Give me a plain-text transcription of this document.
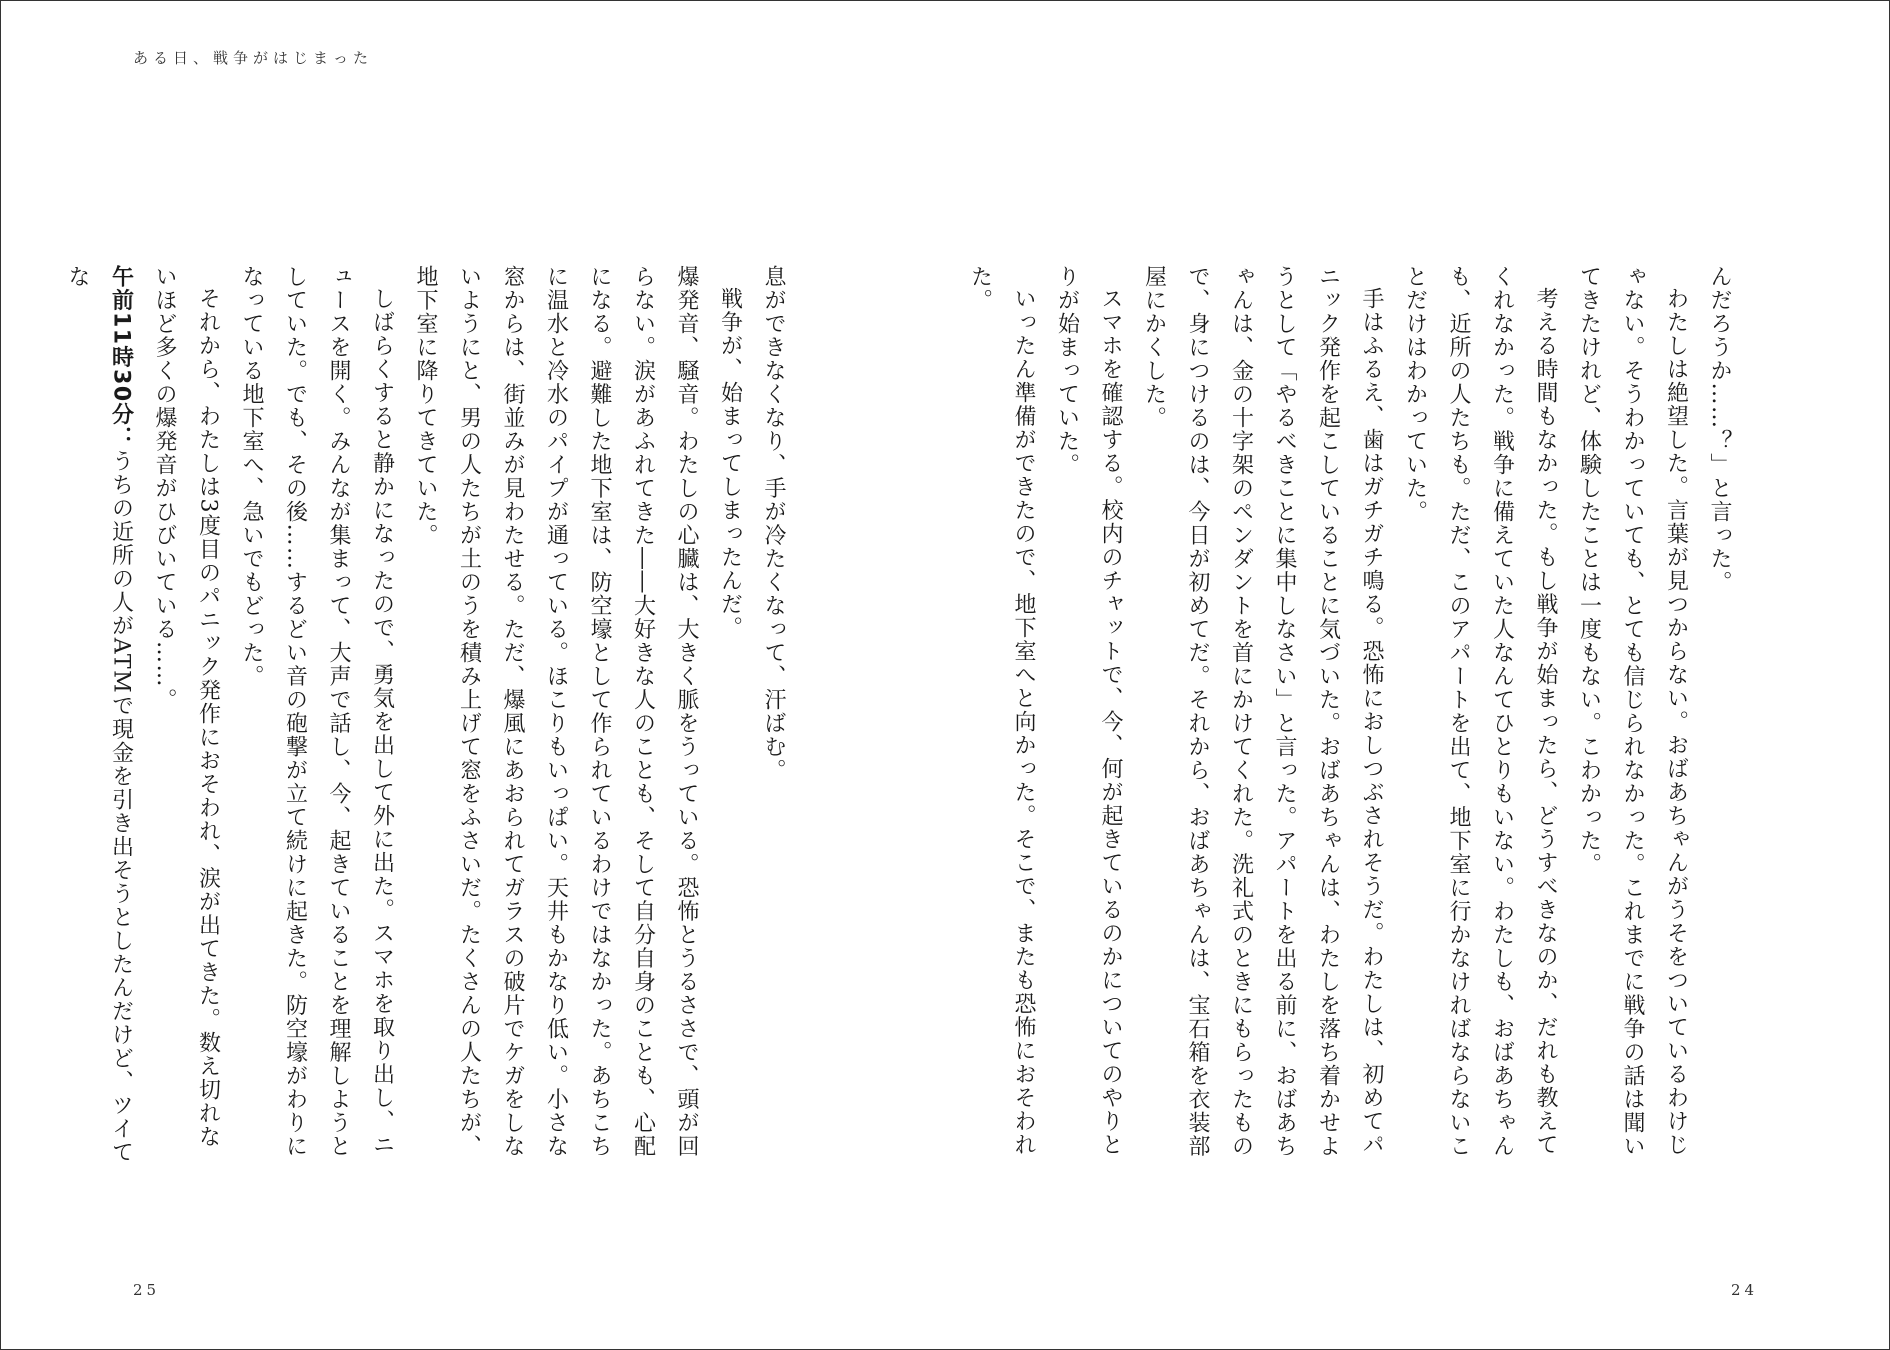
ある日、戦争がはじまった

んだろうか……？」と言った。

わたしは絶望した。言葉が見つからない。おばあちゃんがうそをついているわけじゃない。そうわかっていても、とても信じられなかった。これまでに戦争の話は聞いてきたけれど、体験したことは一度もない。こわかった。

考える時間もなかった。もし戦争が始まったら、どうすべきなのか、だれも教えてくれなかった。戦争に備えていた人なんてひとりもいない。わたしも、おばあちゃんも、近所の人たちも。ただ、このアパートを出て、地下室に行かなければならないことだけはわかっていた。

手はふるえ、歯はガチガチ鳴る。恐怖におしつぶされそうだ。わたしは、初めてパニック発作を起こしていることに気づいた。おばあちゃんは、わたしを落ち着かせようとして「やるべきことに集中しなさい」と言った。アパートを出る前に、おばあちゃんは、金の十字架のペンダントを首にかけてくれた。洗礼式のときにもらったもので、身につけるのは、今日が初めてだ。それから、おばあちゃんは、宝石箱を衣装部屋にかくした。

スマホを確認する。校内のチャットで、今、何が起きているのかについてのやりとりが始まっていた。

いったん準備ができたので、地下室へと向かった。そこで、またも恐怖におそわれた。

息ができなくなり、手が冷たくなって、汗ばむ。

戦争が、始まってしまったんだ。

爆発音、騒音。わたしの心臓は、大きく脈をうっている。恐怖とうるささで、頭が回らない。涙があふれてきた――大好きな人のことも、そして自分自身のことも、心配になる。避難した地下室は、防空壕として作られているわけではなかった。あちこちに温水と冷水のパイプが通っている。ほこりもいっぱい。天井もかなり低い。小さな窓からは、街並みが見わたせる。ただ、爆風にあおられてガラスの破片でケガをしないようにと、男の人たちが土のうを積み上げて窓をふさいだ。たくさんの人たちが、地下室に降りてきていた。

しばらくすると静かになったので、勇気を出して外に出た。スマホを取り出し、ニュースを開く。みんなが集まって、大声で話し、今、起きていることを理解しようとしていた。でも、その後……するどい音の砲撃が立て続けに起きた。防空壕がわりになっている地下室へ、急いでもどった。

それから、わたしは3度目のパニック発作におそわれ、涙が出てきた。数え切れないほど多くの爆発音がひびいている……。

午前11時30分：うちの近所の人がATMで現金を引き出そうとしたんだけど、ツイてな

25	24
